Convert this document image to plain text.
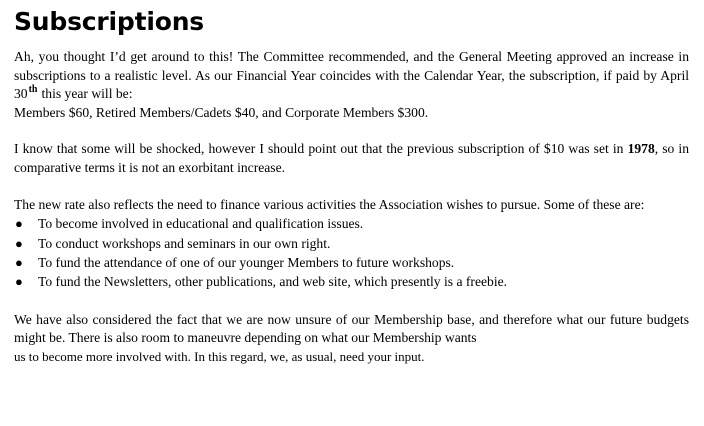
Subscriptions

Ah, you thought I’d get around to this! The Committee recommended, and the General Meeting approved an increase in subscriptions to a realistic level. As our Financial Year coincides with the Calendar Year, the subscription, if paid by April 30th this year will be:
Members $60, Retired Members/Cadets $40, and Corporate Members $300.

I know that some will be shocked, however I should point out that the previous subscription of $10 was set in 1978, so in comparative terms it is not an exorbitant increase.

The new rate also reflects the need to finance various activities the Association wishes to pursue. Some of these are:

● To become involved in educational and qualification issues.
● To conduct workshops and seminars in our own right.
● To fund the attendance of one of our younger Members to future workshops.
● To fund the Newsletters, other publications, and web site, which presently is a freebie.

We have also considered the fact that we are now unsure of our Membership base, and therefore what our future budgets might be. There is also room to maneuvre depending on what our Membership wants
us to become more involved with. In this regard, we, as usual, need your input.
